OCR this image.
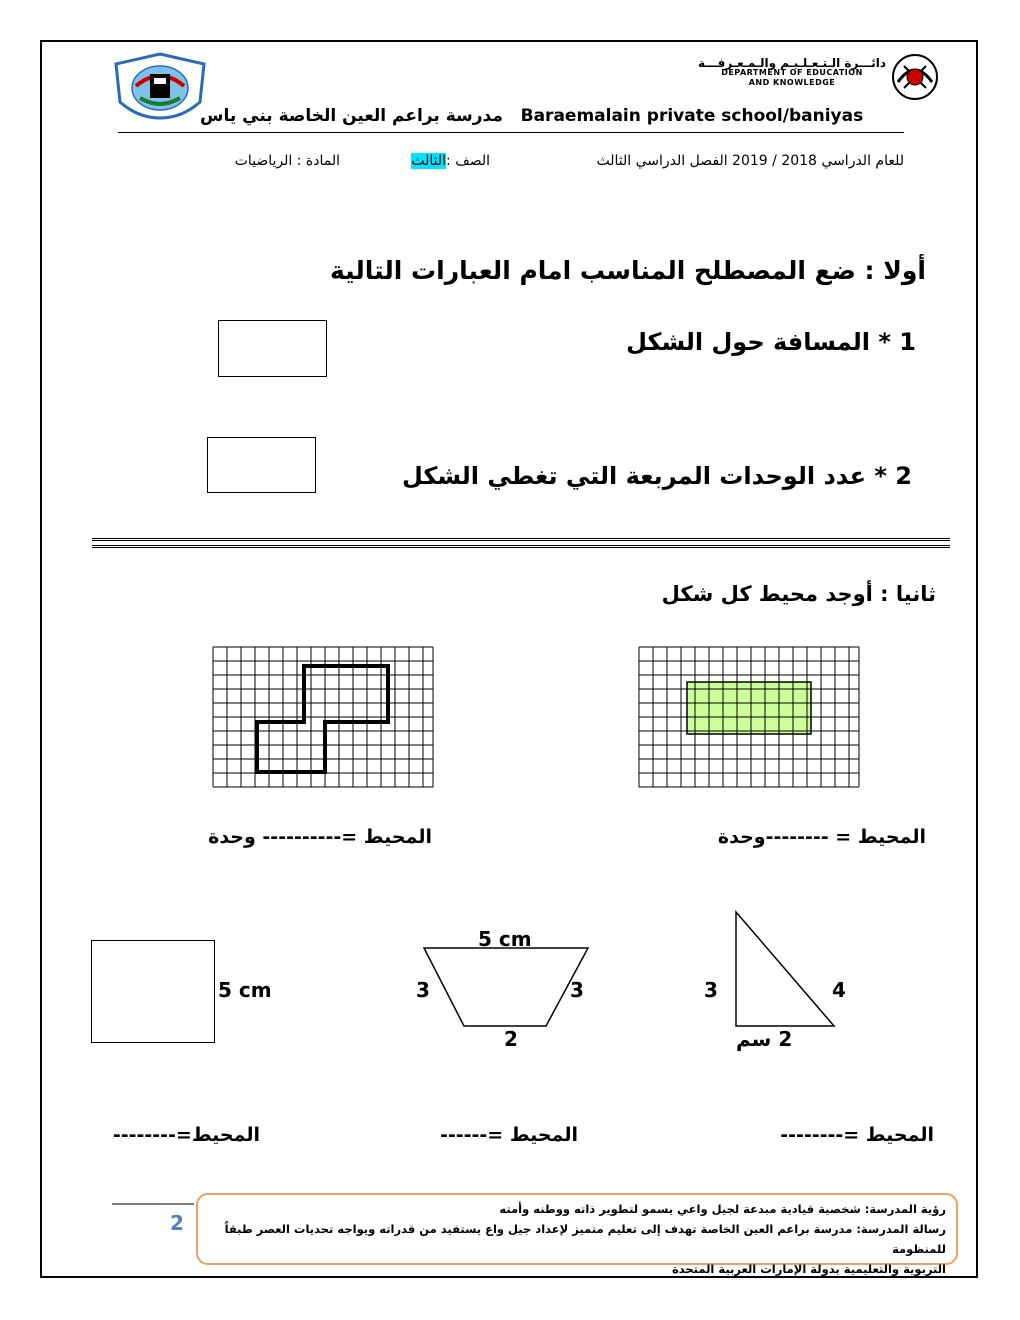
دائـــرة الـتـعـلـيـم والـمـعـرفـــة
DEPARTMENT OF EDUCATION
AND KNOWLEDGE
مدرسة براعم العين الخاصة بني ياس Baraemalain private school/baniyas
للعام الدراسي 2018 / 2019 الفصل الدراسي الثالث
الصف :الثالث
المادة : الرياضيات
أولا : ضع المصطلح المناسب امام العبارات التالية
1 * المسافة حول الشكل
2 * عدد الوحدات المربعة التي تغطي الشكل
ثانيا : أوجد محيط كل شكل
المحيط =---------- وحدة	المحيط = --------وحدة
5 cm
5 cm
3	3
2
3	4
2 سم
المحيط=--------	المحيط =------	المحيط =--------
2
رؤية المدرسة: شخصية قيادية مبدعة لجيل واعي يسمو لتطوير ذاته ووطنه وأمته
رسالة المدرسة: مدرسة براعم العين الخاصة تهدف إلى تعليم متميز لإعداد جيل واع يستفيد من قدراته ويواجه تحديات العصر طبقاً للمنظومة
التربوية والتعليمية بدولة الإمارات العربية المتحدة
